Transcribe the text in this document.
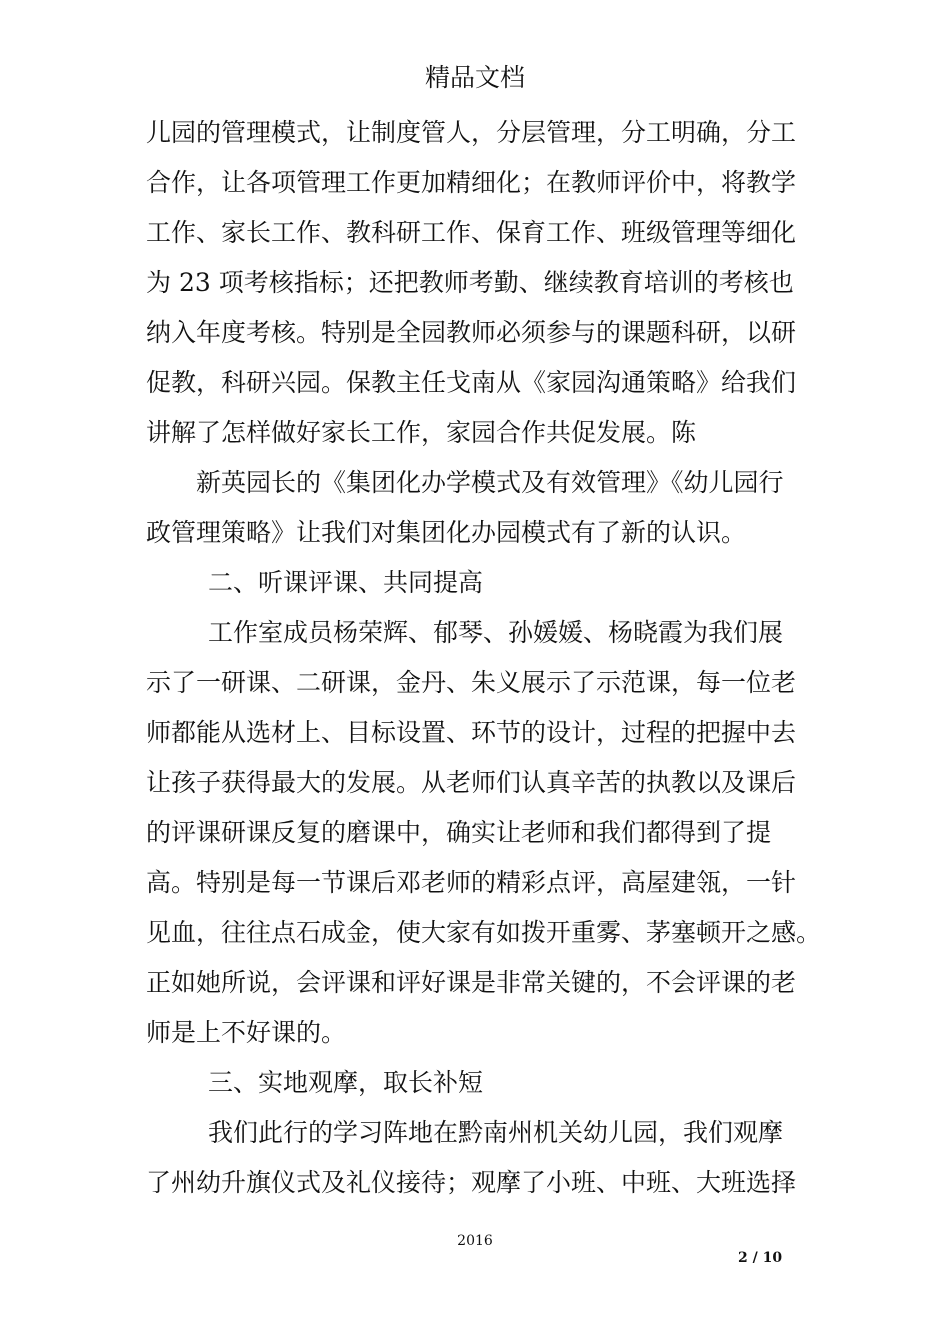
精品文档
儿园的管理模式，让制度管人，分层管理，分工明确，分工
合作，让各项管理工作更加精细化；在教师评价中，将教学
工作、家长工作、教科研工作、保育工作、班级管理等细化
为 23 项考核指标；还把教师考勤、继续教育培训的考核也
纳入年度考核。特别是全园教师必须参与的课题科研，以研
促教，科研兴园。保教主任戈南从《家园沟通策略》给我们
讲解了怎样做好家长工作，家园合作共促发展。陈
新英园长的《集团化办学模式及有效管理》《幼儿园行
政管理策略》让我们对集团化办园模式有了新的认识。
二、听课评课、共同提高
工作室成员杨荣辉、郁琴、孙媛媛、杨晓霞为我们展
示了一研课、二研课，金丹、朱义展示了示范课，每一位老
师都能从选材上、目标设置、环节的设计，过程的把握中去
让孩子获得最大的发展。从老师们认真辛苦的执教以及课后
的评课研课反复的磨课中，确实让老师和我们都得到了提
高。特别是每一节课后邓老师的精彩点评，高屋建瓴，一针
见血，往往点石成金，使大家有如拨开重雾、茅塞顿开之感。
正如她所说，会评课和评好课是非常关键的，不会评课的老
师是上不好课的。
三、实地观摩，取长补短
我们此行的学习阵地在黔南州机关幼儿园，我们观摩
了州幼升旗仪式及礼仪接待；观摩了小班、中班、大班选择
2016
2 / 10
